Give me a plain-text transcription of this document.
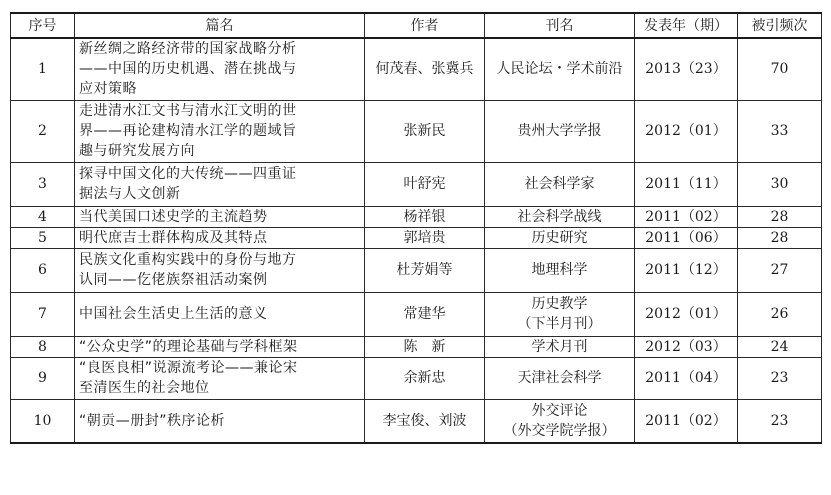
序号	篇名	作者	刊名	发表年（期）	被引频次
1	新丝绸之路经济带的国家战略分析
——中国的历史机遇、潜在挑战与
应对策略	何茂春、张冀兵	人民论坛・学术前沿	2013（23）	70
2	走进清水江文书与清水江文明的世
界——再论建构清水江学的题域旨
趣与研究发展方向	张新民	贵州大学学报	2012（01）	33
3	探寻中国文化的大传统——四重证
据法与人文创新	叶舒宪	社会科学家	2011（11）	30
4	当代美国口述史学的主流趋势	杨祥银	社会科学战线	2011（02）	28
5	明代庶吉士群体构成及其特点	郭培贵	历史研究	2011（06）	28
6	民族文化重构实践中的身份与地方
认同——仡佬族祭祖活动案例	杜芳娟等	地理科学	2011（12）	27
7	中国社会生活史上生活的意义	常建华	历史教学
（下半月刊）	2012（01）	26
8	“公众史学”的理论基础与学科框架	陈　新	学术月刊	2012（03）	24
9	“良医良相”说源流考论——兼论宋
至清医生的社会地位	余新忠	天津社会科学	2011（04）	23
10	“朝贡—册封”秩序论析	李宝俊、刘波	外交评论
（外交学院学报）	2011（02）	23
